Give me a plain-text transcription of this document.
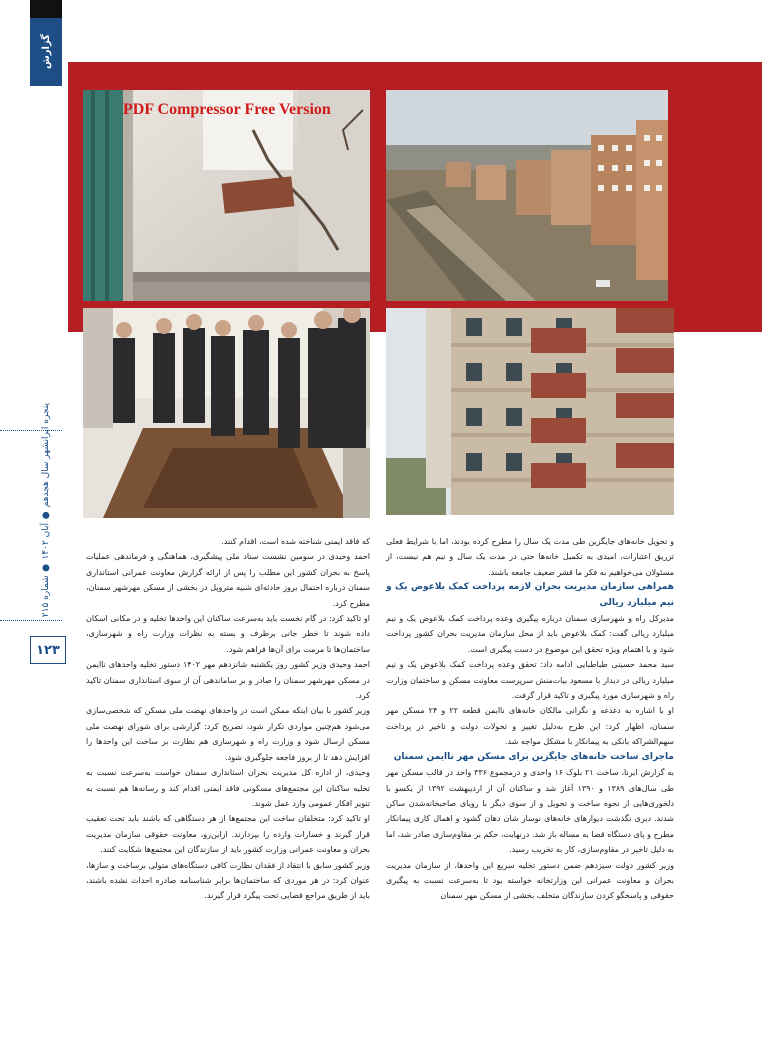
گزارش
PDF Compressor Free Version
پنجره ایرانشهر سال هجدهم ● آبان ۱۴۰۲ ● شماره ۲۱۵
۱۲۳

و تحویل خانه‌های جایگزین طی مدت یک سال را مطرح کرده بودند، اما با شرایط فعلی تزریق اعتبارات، امیدی به تکمیل خانه‌ها حتی در مدت یک سال و نیم هم نیست، از مسئولان می‌خواهیم به فکر ما قشر ضعیف جامعه باشند.

همراهی سازمان مدیریت بحران لازمه پرداخت کمک بلاعوض یک و نیم میلیارد ریالی

مدیرکل راه و شهرسازی سمنان درباره پیگیری وعده پرداخت کمک بلاعوض یک و نیم میلیارد ریالی گفت: کمک بلاعوض باید از محل سازمان مدیریت بحران کشور پرداخت شود و با اهتمام ویژه تحقق این موضوع در دست پیگیری است.

سید محمد حسینی طباطبایی ادامه داد: تحقق وعده پرداخت کمک بلاعوض یک و نیم میلیارد ریالی در دیدار با مسعود بیات‌منش سرپرست معاونت مسکن و ساختمان وزارت راه و شهرسازی مورد پیگیری و تاکید قرار گرفت.

او با اشاره به دغدغه و نگرانی مالکان خانه‌های ناایمن قطعه ۲۲ و ۲۴ مسکن مهر سمنان، اظهار کرد: این طرح به‌دلیل تغییر و تحولات دولت و تاخیر در پرداخت سهم‌الشراکه بانکی به پیمانکار با مشکل مواجه شد.

ماجرای ساخت خانه‌های جایگزین برای مسکن مهر ناایمن سمنان

به گزارش ایرنا، ساخت ۲۱ بلوک ۱۶ واحدی و درمجموع ۳۳۶ واحد در قالب مسکن مهر طی سال‌های ۱۳۸۹ و ۱۳۹۰ آغاز شد و ساکنان آن از اردیبهشت ۱۳۹۲ از یکسو با دلخوری‌هایی از نحوه ساخت و تحویل و از سوی دیگر با رویای صاحبخانه‌شدن ساکن شدند. دیری نگذشت دیوارهای خانه‌های نوساز شان دهان گشود و اهمال کاری پیمانکار مطرح و پای دستگاه قضا به مساله باز شد. درنهایت، حکم بر مقاوم‌سازی صادر شد، اما به دلیل تاخیر در مقاوم‌سازی، کار به تخریب رسید.

وزیر کشور دولت سیزدهم ضمن دستور تخلیه سریع این واحدها، از سازمان مدیریت بحران و معاونت عمرانی این وزارتخانه خواسته بود تا به‌سرعت نسبت به پیگیری حقوقی و پاسخگو کردن سازندگان متخلف بخشی از مسکن مهر سمنان

که فاقد ایمنی شناخته شده است، اقدام کنند.

احمد وحیدی در سومین نشست ستاد ملی پیشگیری، هماهنگی و فرماندهی عملیات پاسخ به بحران کشور این مطلب را پس از ارائه گزارش معاونت عمرانی استانداری سمنان درباره احتمال بروز حادثه‌ای شبیه متروپل در بخشی از مسکن مهرشهر سمنان، مطرح کرد.

او تاکید کرد: در گام نخست باید به‌سرعت ساکنان این واحدها تخلیه و در مکانی اسکان داده شوند تا خطر جانی برطرف و بسته به نظرات وزارت راه و شهرسازی، ساختمان‌ها تا مرمت برای آن‌ها فراهم شود.

احمد وحیدی وزیر کشور روز یکشنبه شانزدهم مهر ۱۴۰۲ دستور تخلیه واحدهای ناایمن در مسکن مهرشهر سمنان را صادر و بر ساماندهی آن از سوی استانداری سمنان تاکید کرد.

وزیر کشور با بیان اینکه ممکن است در واحدهای نهضت ملی مسکن که شخصی‌سازی می‌شود هم‌چنین مواردی تکرار شود، تصریح کرد: گزارشی برای شورای نهضت ملی مسکن ارسال شود و وزارت راه و شهرسازی هم نظارت بر ساخت این واحدها را افزایش دهد تا از بروز فاجعه جلوگیری شود.

وحیدی، از اداره کل مدیریت بحران استانداری سمنان خواست به‌سرعت نسبت به تخلیه ساکنان این مجتمع‌های مسکونی فاقد ایمنی اقدام کند و رسانه‌ها هم نسبت به تنویر افکار عمومی وارد عمل شوند.

او تاکید کرد: متخلفان ساخت این مجتمع‌ها از هر دستگاهی که باشند باید تحت تعقیب قرار گیرند و خسارات وارده را بپردازند. ازاین‌رو، معاونت حقوقی سازمان مدیریت بحران و معاونت عمرانی وزارت کشور باید از سازندگان این مجتمع‌ها شکایت کنند.

وزیر کشور سابق با انتقاد از فقدان نظارت کافی دستگاه‌های متولی برساخت و سازها، عنوان کرد: در هر موردی که ساختمان‌ها برابر شناسنامه صادره احداث نشده باشند، باید از طریق مراجع قضایی تحت پیگرد قرار گیرند.
